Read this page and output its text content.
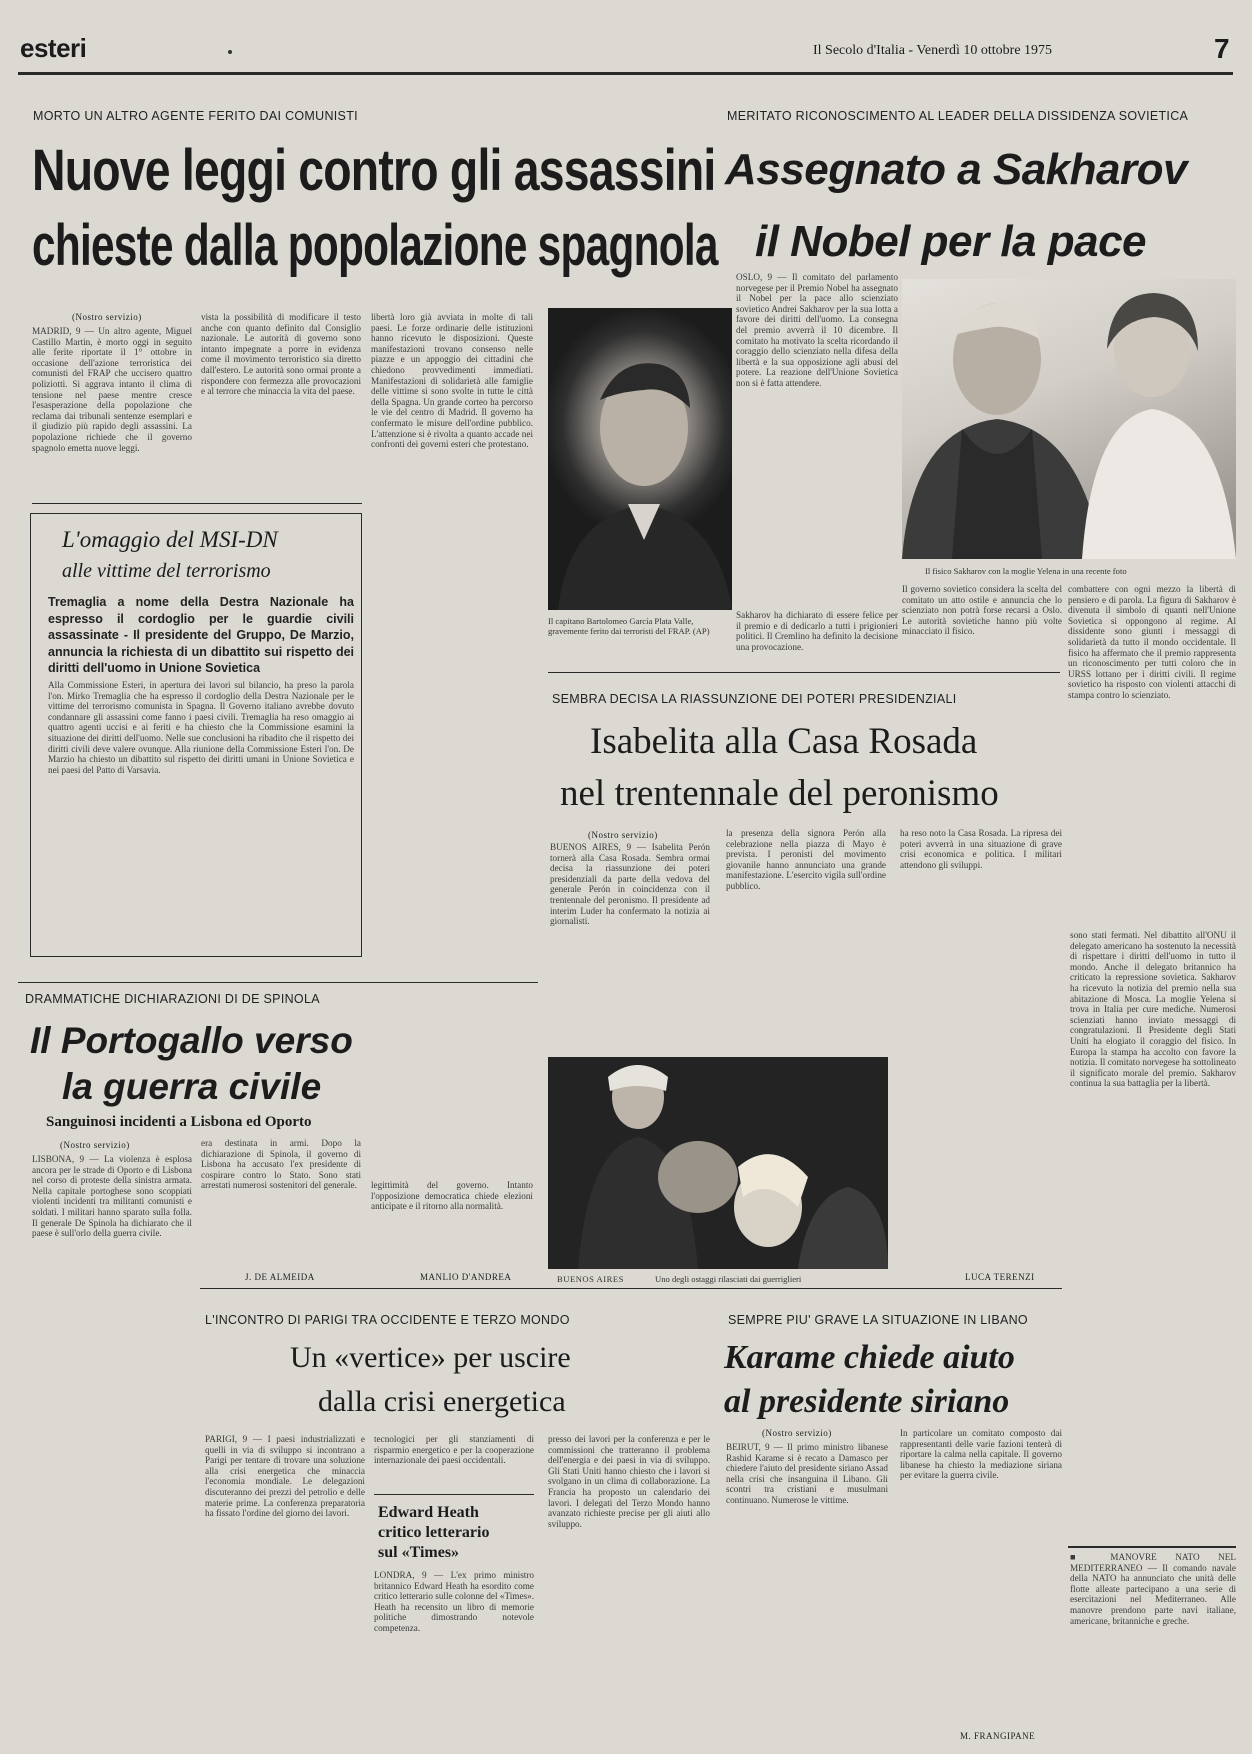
esteri	Il Secolo d'Italia - Venerdì 10 ottobre 1975	7
MORTO UN ALTRO AGENTE FERITO DAI COMUNISTI
Nuove leggi contro gli assassini
chieste dalla popolazione spagnola
(Nostro servizio)
MADRID, 9 — Un altro agente, Miguel Castillo Martin, è morto oggi in seguito alle ferite riportate il 1° ottobre in occasione dell'azione terroristica dei comunisti del FRAP che uccisero quattro poliziotti. Si aggrava intanto il clima di tensione nel paese mentre cresce l'esasperazione della popolazione che reclama dai tribunali sentenze esemplari e il giudizio più rapido degli assassini. La popolazione richiede che il governo spagnolo emetta nuove leggi.
vista la possibilità di modificare il testo anche con quanto definito dal Consiglio nazionale. Le autorità di governo sono intanto impegnate a porre in evidenza come il movimento terroristico sia diretto dall'estero. Le autorità sono ormai pronte a rispondere con fermezza alle provocazioni e al terrore che minaccia la vita del paese.
libertà loro già avviata in molte di tali paesi. Le forze ordinarie delle istituzioni hanno ricevuto le disposizioni. Queste manifestazioni trovano consenso nelle piazze e un appoggio dei cittadini che chiedono provvedimenti immediati. Manifestazioni di solidarietà alle famiglie delle vittime si sono svolte in tutte le città della Spagna. Un grande corteo ha percorso le vie del centro di Madrid. Il governo ha confermato le misure dell'ordine pubblico. L'attenzione si è rivolta a quanto accade nei confronti dei governi esteri che protestano.
Il capitano Bartolomeo García Plata Valle, gravemente ferito dai terroristi del FRAP. (AP)
L'omaggio del MSI-DN
alle vittime del terrorismo
Tremaglia a nome della Destra Nazionale ha espresso il cordoglio per le guardie civili assassinate - Il presidente del Gruppo, De Marzio, annuncia la richiesta di un dibattito sui rispetto dei diritti dell'uomo in Unione Sovietica
Alla Commissione Esteri, in apertura dei lavori sul bilancio, ha preso la parola l'on. Mirko Tremaglia che ha espresso il cordoglio della Destra Nazionale per le vittime del terrorismo comunista in Spagna. Il Governo italiano avrebbe dovuto condannare gli assassini come fanno i paesi civili. Tremaglia ha reso omaggio ai quattro agenti uccisi e ai feriti e ha chiesto che la Commissione esamini la situazione dei diritti dell'uomo. Nelle sue conclusioni ha ribadito che il rispetto dei diritti civili deve valere ovunque. Alla riunione della Commissione Esteri l'on. De Marzio ha chiesto un dibattito sul rispetto dei diritti umani in Unione Sovietica e nei paesi del Patto di Varsavia.
MERITATO RICONOSCIMENTO AL LEADER DELLA DISSIDENZA SOVIETICA
Assegnato a Sakharov
il Nobel per la pace
OSLO, 9 — Il comitato del parlamento norvegese per il Premio Nobel ha assegnato il Nobel per la pace allo scienziato sovietico Andrei Sakharov per la sua lotta a favore dei diritti dell'uomo. La consegna del premio avverrà il 10 dicembre. Il comitato ha motivato la scelta ricordando il coraggio dello scienziato nella difesa della libertà e la sua opposizione agli abusi del potere. La reazione dell'Unione Sovietica non si è fatta attendere.
Sakharov ha dichiarato di essere felice per il premio e di dedicarlo a tutti i prigionieri politici. Il Cremlino ha definito la decisione una provocazione.
Il fisico Sakharov con la moglie Yelena in una recente foto
Il governo sovietico considera la scelta del comitato un atto ostile e annuncia che lo scienziato non potrà forse recarsi a Oslo. Le autorità sovietiche hanno più volte minacciato il fisico.
combattere con ogni mezzo la libertà di pensiero e di parola. La figura di Sakharov è divenuta il simbolo di quanti nell'Unione Sovietica si oppongono al regime. Al dissidente sono giunti i messaggi di solidarietà da tutto il mondo occidentale. Il fisico ha affermato che il premio rappresenta un riconoscimento per tutti coloro che in URSS lottano per i diritti civili. Il regime sovietico ha risposto con violenti attacchi di stampa contro lo scienziato.
SEMBRA DECISA LA RIASSUNZIONE DEI POTERI PRESIDENZIALI
Isabelita alla Casa Rosada
nel trentennale del peronismo
(Nostro servizio)
BUENOS AIRES, 9 — Isabelita Perón tornerà alla Casa Rosada. Sembra ormai decisa la riassunzione dei poteri presidenziali da parte della vedova del generale Perón in coincidenza con il trentennale del peronismo. Il presidente ad interim Luder ha confermato la notizia ai giornalisti.
la presenza della signora Perón alla celebrazione nella piazza di Mayo è prevista. I peronisti del movimento giovanile hanno annunciato una grande manifestazione. L'esercito vigila sull'ordine pubblico.
ha reso noto la Casa Rosada. La ripresa dei poteri avverrà in una situazione di grave crisi economica e politica. I militari attendono gli sviluppi.
BUENOS AIRES	Uno degli ostaggi rilasciati dai guerriglieri	LUCA TERENZI
DRAMMATICHE DICHIARAZIONI DI DE SPINOLA
Il Portogallo verso
la guerra civile
Sanguinosi incidenti a Lisbona ed Oporto
(Nostro servizio)
LISBONA, 9 — La violenza è esplosa ancora per le strade di Oporto e di Lisbona nel corso di proteste della sinistra armata. Nella capitale portoghese sono scoppiati violenti incidenti tra militanti comunisti e soldati. I militari hanno sparato sulla folla. Il generale De Spinola ha dichiarato che il paese è sull'orlo della guerra civile.
era destinata in armi. Dopo la dichiarazione di Spinola, il governo di Lisbona ha accusato l'ex presidente di cospirare contro lo Stato. Sono stati arrestati numerosi sostenitori del generale.	legittimità del governo. Intanto l'opposizione democratica chiede elezioni anticipate e il ritorno alla normalità.
J. DE ALMEIDA	MANLIO D'ANDREA
L'INCONTRO DI PARIGI TRA OCCIDENTE E TERZO MONDO
Un «vertice» per uscire
dalla crisi energetica
PARIGI, 9 — I paesi industrializzati e quelli in via di sviluppo si incontrano a Parigi per tentare di trovare una soluzione alla crisi energetica che minaccia l'economia mondiale. Le delegazioni discuteranno dei prezzi del petrolio e delle materie prime. La conferenza preparatoria ha fissato l'ordine del giorno dei lavori.
tecnologici per gli stanziamenti di risparmio energetico e per la cooperazione internazionale dei paesi occidentali.
presso dei lavori per la conferenza e per le commissioni che tratteranno il problema dell'energia e dei paesi in via di sviluppo. Gli Stati Uniti hanno chiesto che i lavori si svolgano in un clima di collaborazione. La Francia ha proposto un calendario dei lavori. I delegati del Terzo Mondo hanno avanzato richieste precise per gli aiuti allo sviluppo.
Edward Heath
critico letterario
sul «Times»
LONDRA, 9 — L'ex primo ministro britannico Edward Heath ha esordito come critico letterario sulle colonne del «Times». Heath ha recensito un libro di memorie politiche dimostrando notevole competenza.
SEMPRE PIU' GRAVE LA SITUAZIONE IN LIBANO
Karame chiede aiuto
al presidente siriano
(Nostro servizio)
BEIRUT, 9 — Il primo ministro libanese Rashid Karame si è recato a Damasco per chiedere l'aiuto del presidente siriano Assad nella crisi che insanguina il Libano. Gli scontri tra cristiani e musulmani continuano. Numerose le vittime.
In particolare un comitato composto dai rappresentanti delle varie fazioni tenterà di riportare la calma nella capitale. Il governo libanese ha chiesto la mediazione siriana per evitare la guerra civile.
M. FRANGIPANE
sono stati fermati. Nel dibattito all'ONU il delegato americano ha sostenuto la necessità di rispettare i diritti dell'uomo in tutto il mondo. Anche il delegato britannico ha criticato la repressione sovietica. Sakharov ha ricevuto la notizia del premio nella sua abitazione di Mosca. La moglie Yelena si trova in Italia per cure mediche. Numerosi scienziati hanno inviato messaggi di congratulazioni. Il Presidente degli Stati Uniti ha elogiato il coraggio del fisico. In Europa la stampa ha accolto con favore la notizia. Il comitato norvegese ha sottolineato il significato morale del premio. Sakharov continua la sua battaglia per la libertà.
■ MANOVRE NATO NEL MEDITERRANEO — Il comando navale della NATO ha annunciato che unità delle flotte alleate partecipano a una serie di esercitazioni nel Mediterraneo. Alle manovre prendono parte navi italiane, americane, britanniche e greche.
